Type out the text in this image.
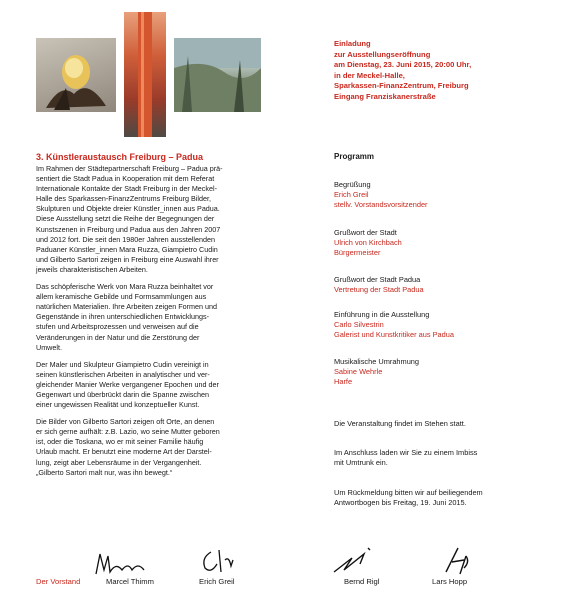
Einladung
zur Ausstellungseröffnung
am Dienstag, 23. Juni 2015, 20:00 Uhr,
in der Meckel-Halle,
Sparkassen-FinanzZentrum, Freiburg
Eingang Franziskanerstraße
3. Künstleraustausch Freiburg – Padua

Im Rahmen der Städtepartnerschaft Freiburg – Padua prä-

sentiert die Stadt Padua in Kooperation mit dem Referat

Internationale Kontakte der Stadt Freiburg in der Meckel-

Halle des Sparkassen-FinanzZentrums Freiburg Bilder,

Skulpturen und Objekte dreier Künstler_innen aus Padua.

Diese Ausstellung setzt die Reihe der Begegnungen der

Kunstszenen in Freiburg und Padua aus den Jahren 2007

und 2012 fort. Die seit den 1980er Jahren ausstellenden

Paduaner Künstler_innen Mara Ruzza, Giampietro Cudin

und Gilberto Sartori zeigen in Freiburg eine Auswahl ihrer

jeweils charakteristischen Arbeiten.

Das schöpferische Werk von Mara Ruzza beinhaltet vor

allem keramische Gebilde und Formsammlungen aus

natürlichen Materialien. Ihre Arbeiten zeigen Formen und

Gegenstände in ihren unterschiedlichen Entwicklungs-

stufen und Arbeitsprozessen und verweisen auf die

Veränderungen in der Natur und die Zerstörung der

Umwelt.

Der Maler und Skulpteur Giampietro Cudin vereinigt in

seinen künstlerischen Arbeiten in analytischer und ver-

gleichender Manier Werke vergangener Epochen und der

Gegenwart und überbrückt darin die Spanne zwischen

einer ungewissen Realität und konzeptueller Kunst.

Die Bilder von Gilberto Sartori zeigen oft Orte, an denen

er sich gerne aufhält: z.B. Lazio, wo seine Mutter geboren

ist, oder die Toskana, wo er mit seiner Familie häufig

Urlaub macht. Er benutzt eine moderne Art der Darstel-

lung, zeigt aber Lebensräume in der Vergangenheit.

„Gilberto Sartori malt nur, was ihn bewegt.“

Programm
Begrüßung
Erich Greil
stellv. Vorstandsvorsitzender
Grußwort der Stadt
Ulrich von Kirchbach
Bürgermeister
Grußwort der Stadt Padua
Vertretung der Stadt Padua
Einführung in die Ausstellung
Carlo Silvestrin
Galerist und Kunstkritiker aus Padua
Musikalische Umrahmung
Sabine Wehrle
Harfe
Die Veranstaltung findet im Stehen statt.
Im Anschluss laden wir Sie zu einem Imbiss
mit Umtrunk ein.
Um Rückmeldung bitten wir auf beiliegendem
Antwortbogen bis Freitag, 19. Juni 2015.
Der Vorstand	Marcel Thimm	Erich Greil	Bernd Rigl	Lars Hopp
